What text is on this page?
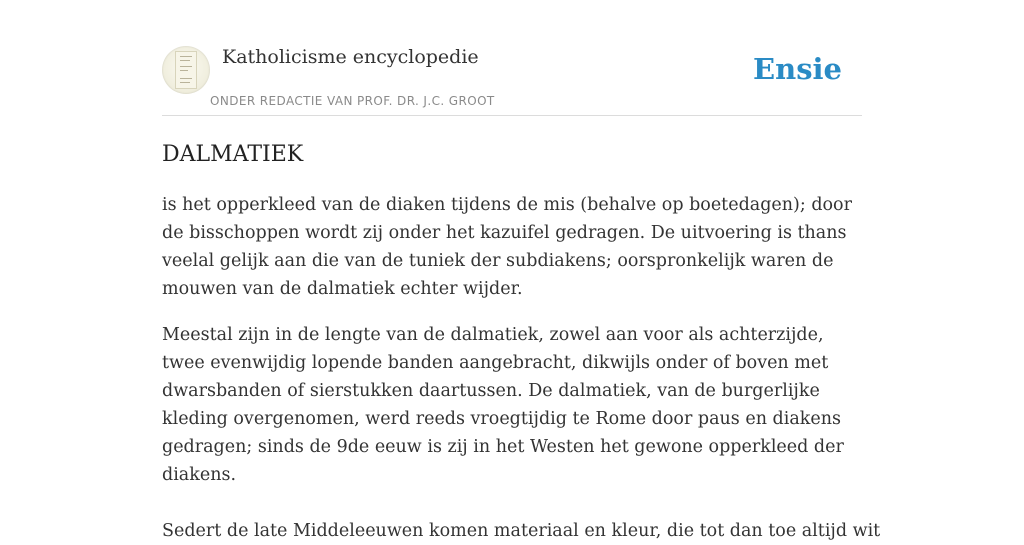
Katholicisme encyclopedie
ONDER REDACTIE VAN PROF. DR. J.C. GROOT
Ensie
DALMATIEK

is het opperkleed van de diaken tijdens de mis (behalve op boetedagen); door de bisschoppen wordt zij onder het kazuifel gedragen. De uitvoering is thans veelal gelijk aan die van de tuniek der subdiakens; oorspronkelijk waren de mouwen van de dalmatiek echter wijder.

Meestal zijn in de lengte van de dalmatiek, zowel aan voor als achterzijde, twee evenwijdig lopende banden aangebracht, dikwijls onder of boven met dwarsbanden of sierstukken daartussen. De dalmatiek, van de burgerlijke kleding overgenomen, werd reeds vroegtijdig te Rome door paus en diakens gedragen; sinds de 9de eeuw is zij in het Westen het gewone opperkleed der diakens.

Sedert de late Middeleeuwen komen materiaal en kleur, die tot dan toe altijd wit
